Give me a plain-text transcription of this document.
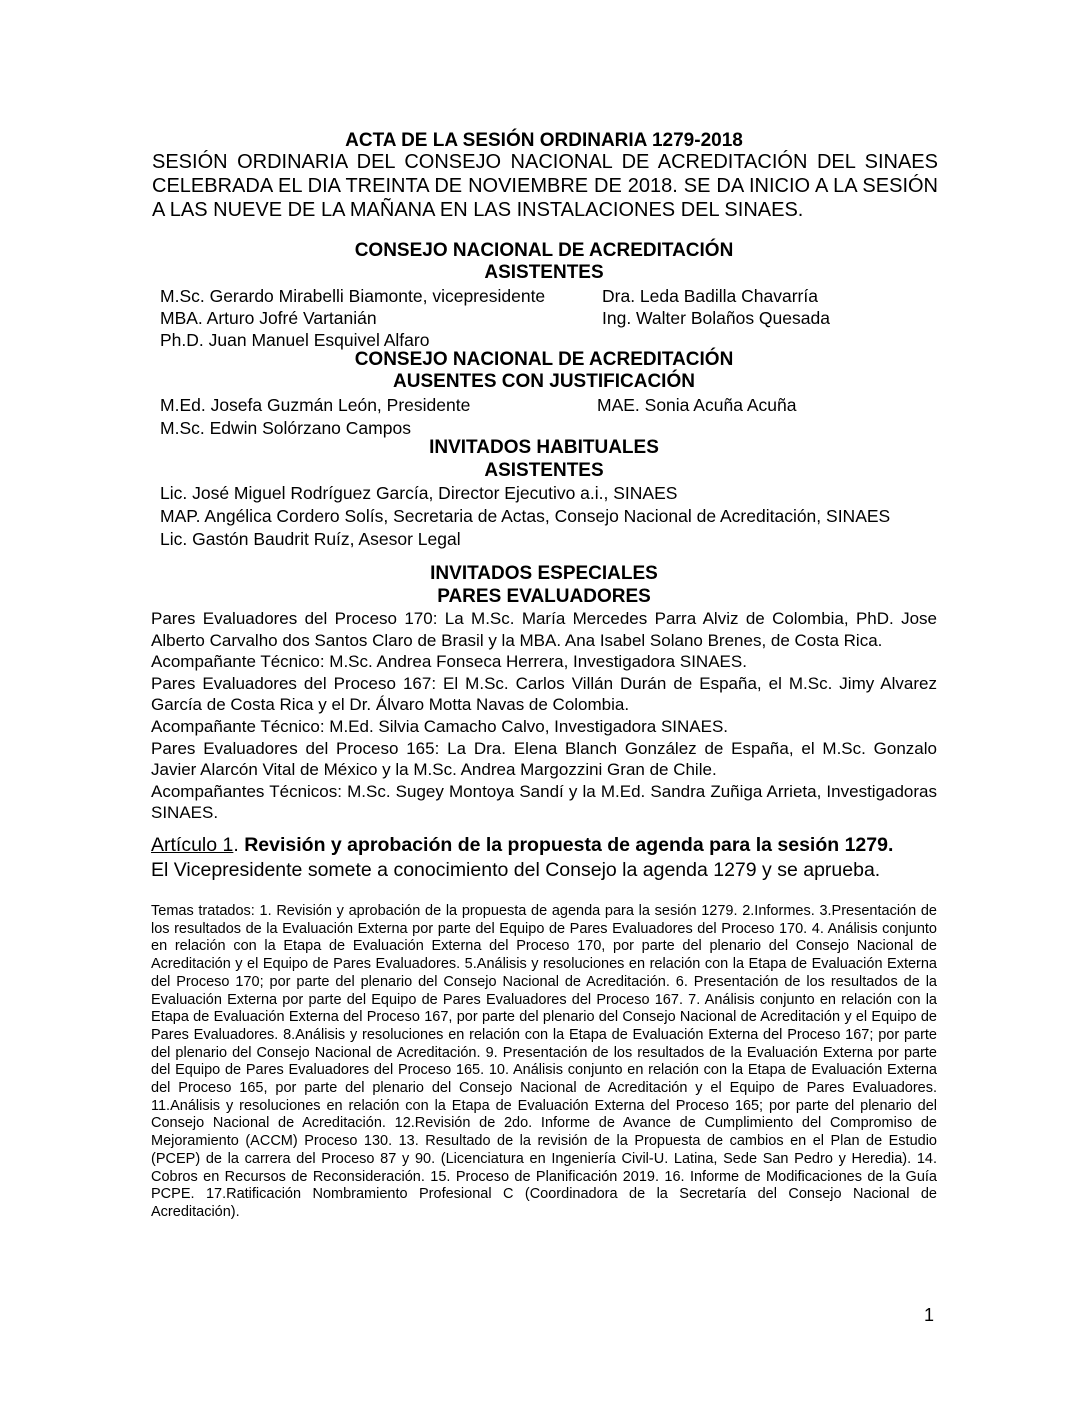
ACTA DE LA SESIÓN ORDINARIA 1279-2018
SESIÓN ORDINARIA DEL CONSEJO NACIONAL DE ACREDITACIÓN DEL SINAES CELEBRADA EL DIA TREINTA DE NOVIEMBRE DE 2018. SE DA INICIO A LA SESIÓN A LAS NUEVE DE LA MAÑANA EN LAS INSTALACIONES DEL SINAES.
CONSEJO NACIONAL DE ACREDITACIÓN
ASISTENTES
M.Sc. Gerardo Mirabelli Biamonte, vicepresidente
MBA. Arturo Jofré Vartanián
Ph.D. Juan Manuel Esquivel Alfaro
Dra. Leda Badilla Chavarría
Ing. Walter Bolaños Quesada
CONSEJO NACIONAL DE ACREDITACIÓN
AUSENTES CON JUSTIFICACIÓN
M.Ed. Josefa Guzmán León, Presidente
M.Sc. Edwin Solórzano Campos
MAE. Sonia Acuña Acuña
INVITADOS HABITUALES
ASISTENTES
Lic. José Miguel Rodríguez García, Director Ejecutivo a.i., SINAES
MAP. Angélica Cordero Solís, Secretaria de Actas, Consejo Nacional de Acreditación, SINAES
Lic. Gastón Baudrit Ruíz, Asesor Legal
INVITADOS ESPECIALES
PARES EVALUADORES
Pares Evaluadores del Proceso 170: La M.Sc. María Mercedes Parra Alviz de Colombia, PhD. Jose Alberto Carvalho dos Santos Claro de Brasil y la MBA. Ana Isabel Solano Brenes, de Costa Rica.
Acompañante Técnico: M.Sc. Andrea Fonseca Herrera, Investigadora SINAES.
Pares Evaluadores del Proceso 167: El M.Sc. Carlos Villán Durán de España, el M.Sc. Jimy Alvarez García de Costa Rica y el Dr. Álvaro Motta Navas de Colombia.
Acompañante Técnico: M.Ed. Silvia Camacho Calvo, Investigadora SINAES.
Pares Evaluadores del Proceso 165: La Dra. Elena Blanch González de España, el M.Sc. Gonzalo Javier Alarcón Vital de México y la M.Sc. Andrea Margozzini Gran de Chile.
Acompañantes Técnicos: M.Sc. Sugey Montoya Sandí y la M.Ed. Sandra Zuñiga Arrieta, Investigadoras SINAES.
Artículo 1. Revisión y aprobación de la propuesta de agenda para la sesión 1279.
El Vicepresidente somete a conocimiento del Consejo la agenda 1279 y se aprueba.
Temas tratados: 1. Revisión y aprobación de la propuesta de agenda para la sesión 1279. 2.Informes. 3.Presentación de los resultados de la Evaluación Externa por parte del Equipo de Pares Evaluadores del Proceso 170. 4. Análisis conjunto en relación con la Etapa de Evaluación Externa del Proceso 170, por parte del plenario del Consejo Nacional de Acreditación y el Equipo de Pares Evaluadores. 5.Análisis y resoluciones en relación con la Etapa de Evaluación Externa del Proceso 170; por parte del plenario del Consejo Nacional de Acreditación. 6. Presentación de los resultados de la Evaluación Externa por parte del Equipo de Pares Evaluadores del Proceso 167. 7. Análisis conjunto en relación con la Etapa de Evaluación Externa del Proceso 167, por parte del plenario del Consejo Nacional de Acreditación y el Equipo de Pares Evaluadores. 8.Análisis y resoluciones en relación con la Etapa de Evaluación Externa del Proceso 167; por parte del plenario del Consejo Nacional de Acreditación. 9. Presentación de los resultados de la Evaluación Externa por parte del Equipo de Pares Evaluadores del Proceso 165. 10. Análisis conjunto en relación con la Etapa de Evaluación Externa del Proceso 165, por parte del plenario del Consejo Nacional de Acreditación y el Equipo de Pares Evaluadores. 11.Análisis y resoluciones en relación con la Etapa de Evaluación Externa del Proceso 165; por parte del plenario del Consejo Nacional de Acreditación. 12.Revisión de 2do. Informe de Avance de Cumplimiento del Compromiso de Mejoramiento (ACCM) Proceso 130. 13. Resultado de la revisión de la Propuesta de cambios en el Plan de Estudio (PCEP) de la carrera del Proceso 87 y 90. (Licenciatura en Ingeniería Civil-U. Latina, Sede San Pedro y Heredia). 14. Cobros en Recursos de Reconsideración. 15. Proceso de Planificación 2019. 16. Informe de Modificaciones de la Guía PCPE. 17.Ratificación Nombramiento Profesional C (Coordinadora de la Secretaría del Consejo Nacional de Acreditación).
1
